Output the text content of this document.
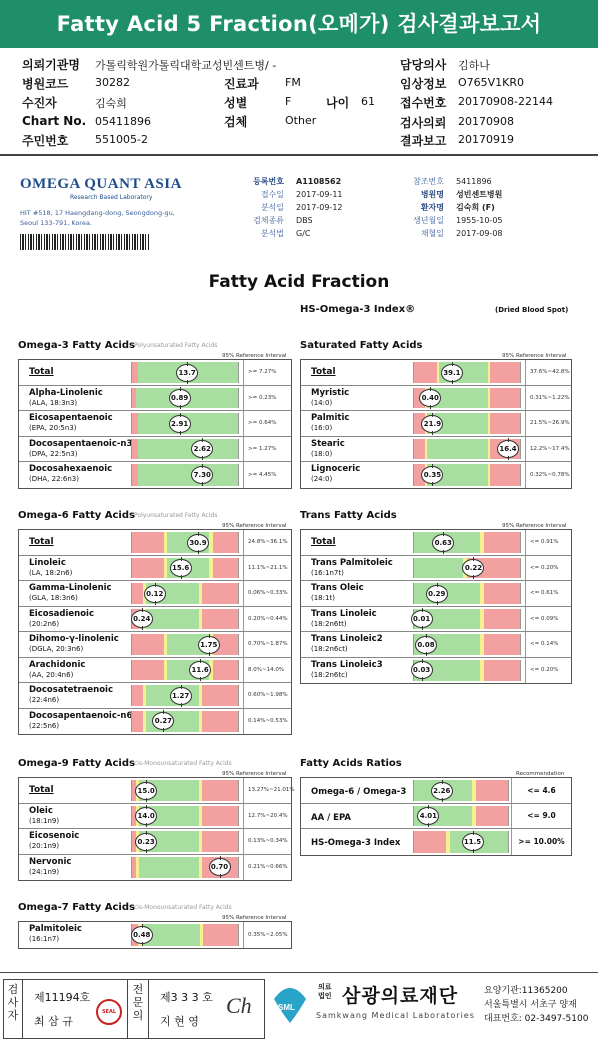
Fatty Acid 5 Fraction(오메가) 검사결과보고서
의뢰기관명 가톨릭학원가톨릭대학교성빈센트병/ -
병원코드 30282
수진자	김숙희
Chart No. 05411896
주민번호 551005-2
진료과 FM
성별	F	나이 61
검체	Other
담당의사 김하나
임상정보 O765V1KR0
접수번호 20170908-22144
검사의뢰 20170908
결과보고 20170919
OMEGA QUANT ASIA
Research Based Laboratory
HIT #518, 17 Haengdang-dong, Seongdong-gu, Seoul 133-791, Korea.
등록번호 A1108562
접수일 2017-09-11
분석일 2017-09-12
검체종류 DBS
분석법 G/C
참조번호 5411896
병원명 성빈센트병원
환자명 김숙희 (F)
생년월일 1955-10-05
채혈일 2017-09-08
Fatty Acid Fraction
HS-Omega-3 Index®	(Dried Blood Spot)
Omega-3 Fatty Acids Polyunsaturated Fatty Acids
95% Reference Interval
Total	13.7	>= 7.27%
Alpha-Linolenic
(ALA, 18:3n3)
0.89	>= 0.23%
Eicosapentaenoic
(EPA, 20:5n3)
2.91	>= 0.64%
Docosapentaenoic-n3
(DPA, 22:5n3)
2.62	>= 1.27%
Docosahexaenoic
(DHA, 22:6n3)
7.30	>= 4.45%
Saturated Fatty Acids
95% Reference Interval
Total	39.1	37.6%~42.8%
Myristic
(14:0)
0.40	0.31%~1.22%
Palmitic
(16:0)
21.9	21.5%~26.9%
Stearic
(18:0)
16.4	12.2%~17.4%
Lignoceric
(24:0)
0.35	0.32%~0.78%
Omega-6 Fatty Acids Polyunsaturated Fatty Acids
95% Reference Interval
Total	30.9	24.8%~36.1%
Linoleic
(LA, 18:2n6)
15.6	11.1%~21.1%
Gamma-Linolenic
(GLA, 18:3n6)
0.12	0.06%~0.33%
Eicosadienoic
(20:2n6)
0.24	0.20%~0.44%
Dihomo-γ-linolenic
(DGLA, 20:3n6)
1.75	0.70%~1.87%
Arachidonic
(AA, 20:4n6)
11.6	8.0%~14.0%
Docosatetraenoic
(22:4n6)
1.27	0.60%~1.98%
Docosapentaenoic-n6
(22:5n6)
0.27	0.14%~0.53%
Trans Fatty Acids
95% Reference Interval
Total	0.63	<= 0.91%
Trans Palmitoleic
(16:1n7t)
0.22	<= 0.20%
Trans Oleic
(18:1t)
0.29	<= 0.61%
Trans Linoleic
(18:2n6tt)
0.01	<= 0.09%
Trans Linoleic2
(18:2n6ct)
0.08	<= 0.14%
Trans Linoleic3
(18:2n6tc)
0.03	<= 0.20%
Omega-9 Fatty Acids cis-Monounsaturated Fatty Acids
95% Reference Interval
Total	15.0	13.27%~21.01%
Oleic
(18:1n9)
14.0	12.7%~20.4%
Eicosenoic
(20:1n9)
0.23	0.13%~0.34%
Nervonic
(24:1n9)
0.70	0.21%~0.66%
Fatty Acids Ratios
Recommendation
Omega-6 / Omega-3	2.26	<= 4.6
AA / EPA	4.01	<= 9.0
HS-Omega-3 Index	11.5	>= 10.00%
Omega-7 Fatty Acids cis-Monounsaturated Fatty Acids
95% Reference Interval
Palmitoleic
(16:1n7)
0.48	0.35%~2.05%
검사자
제11194호
최 삼 규
SEAL
전문의
제3 3 3 호
지 현 영
Ch	SML
의료법인 삼광의료재단
Samkwang Medical Laboratories
요양기관:11365200
서울특별시 서초구 양재
대표번호: 02-3497-5100
